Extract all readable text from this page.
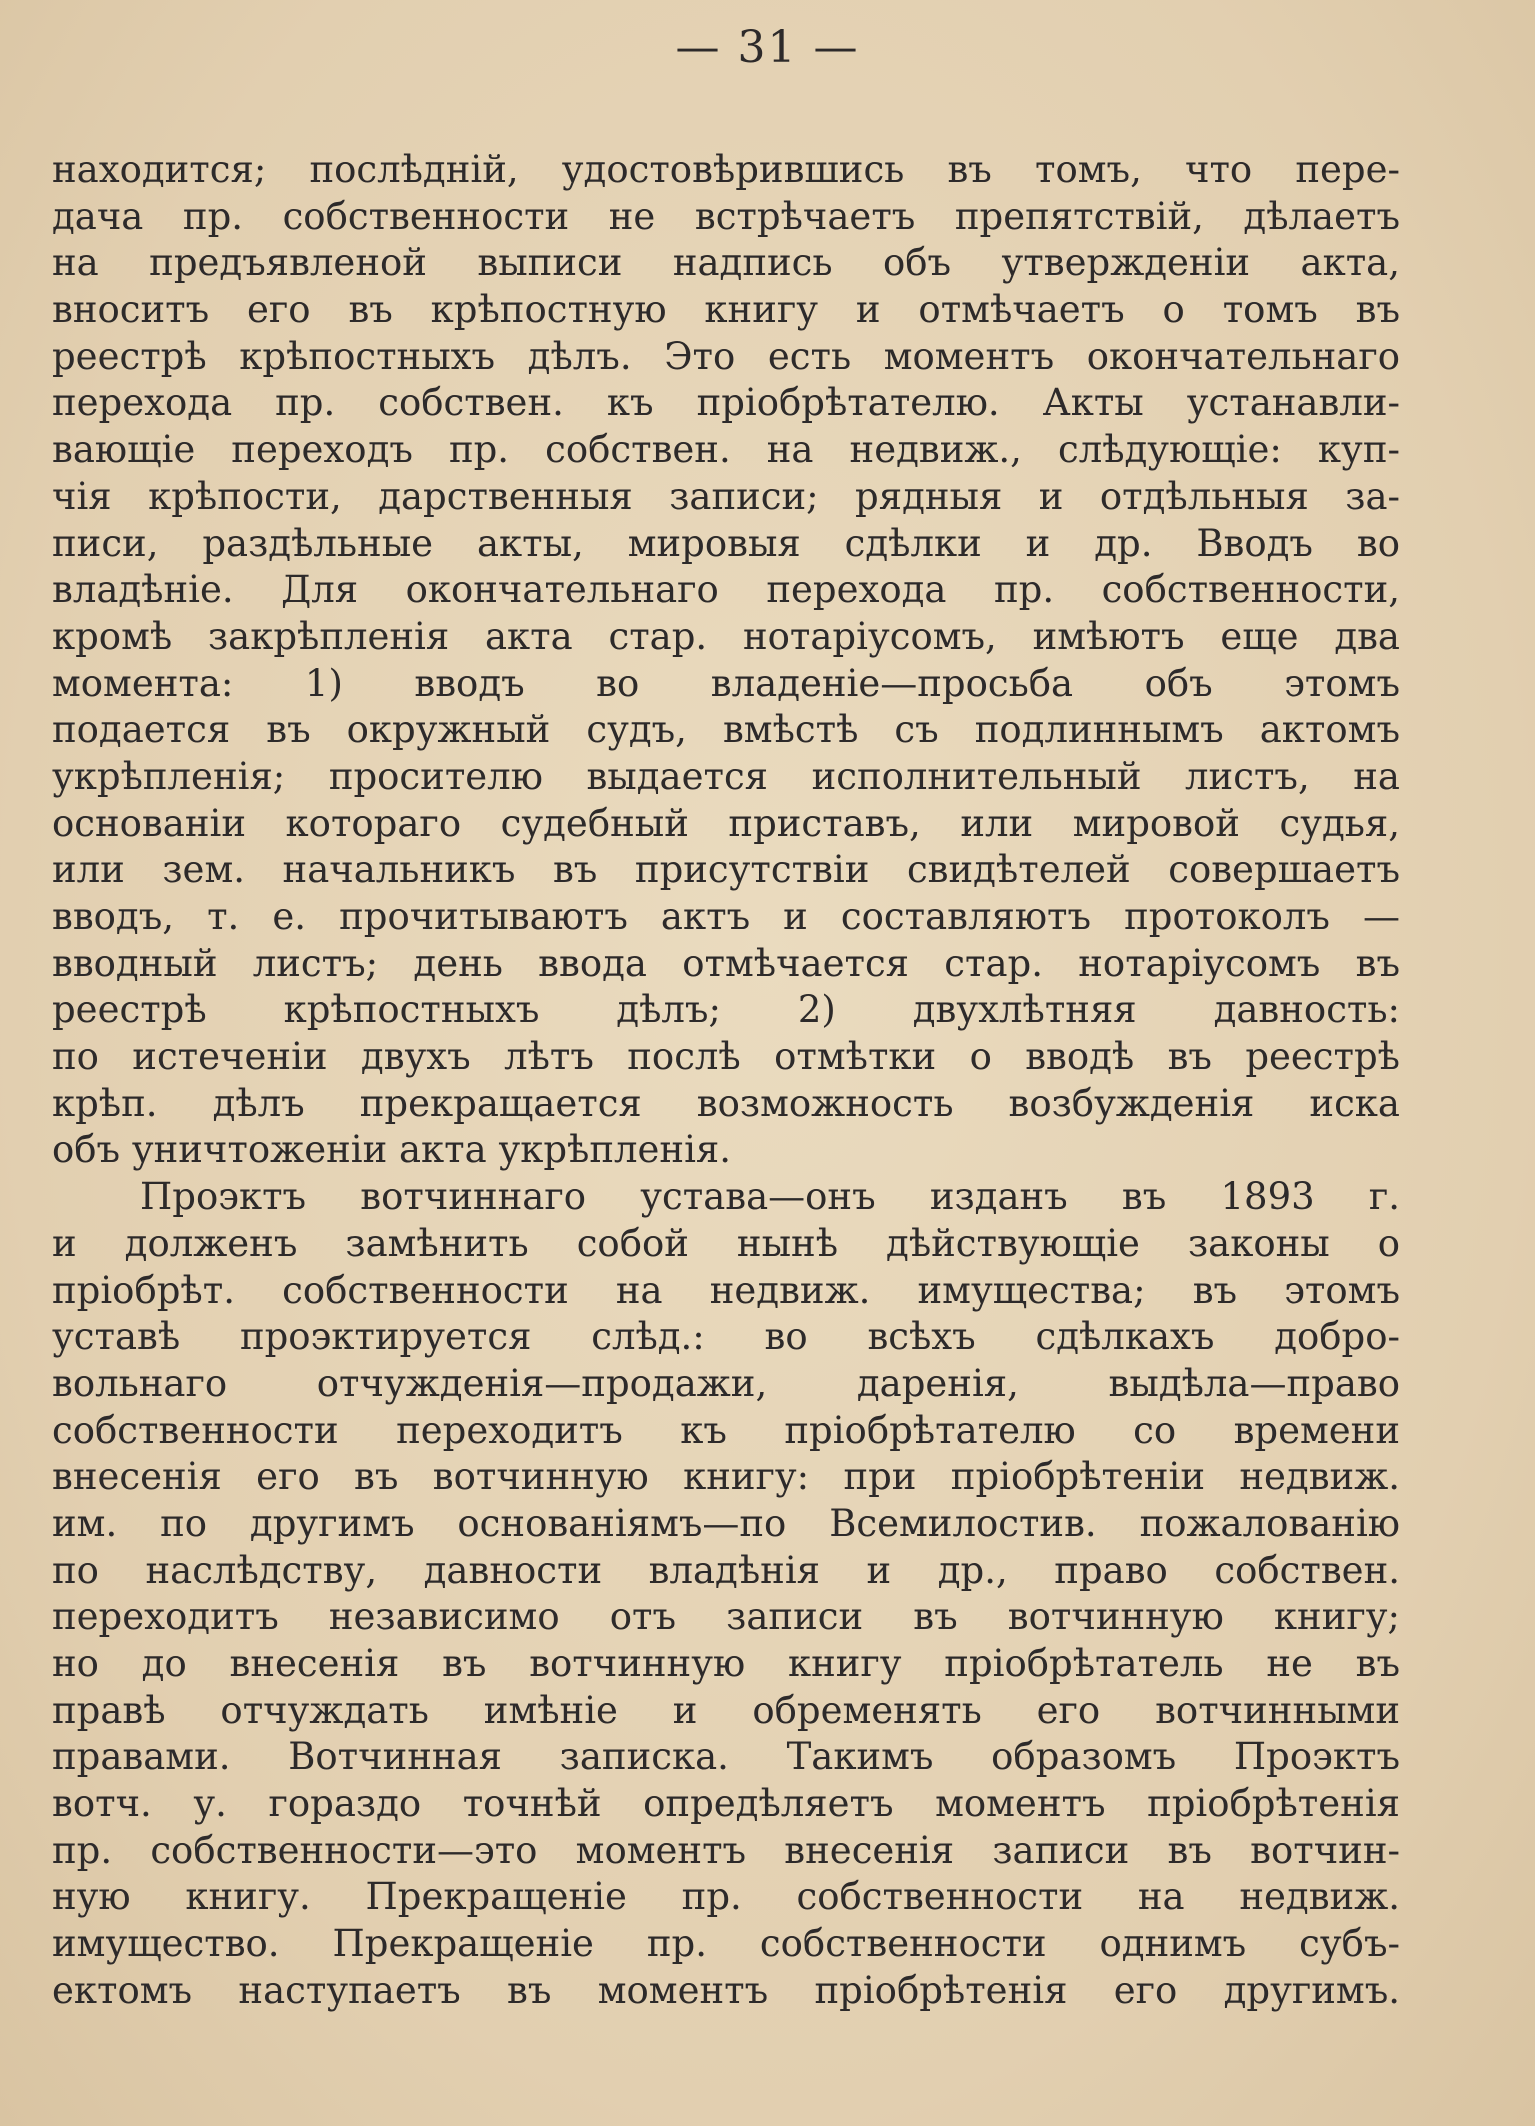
— 31 —
находится; послѣднiй, удостовѣрившись въ томъ, что пере-
дача пр. собственности не встрѣчаетъ препятствiй, дѣлаетъ
на предъявленой выписи надпись объ утвержденiи акта,
вноситъ его въ крѣпостную книгу и отмѣчаетъ о томъ въ
реестрѣ крѣпостныхъ дѣлъ. Это есть моментъ окончательнаго
перехода пр. собствен. къ прiобрѣтателю. Акты устанавли-
вающiе переходъ пр. собствен. на недвиж., слѣдующiе: куп-
чiя крѣпости, дарственныя записи; рядныя и отдѣльныя за-
писи, раздѣльные акты, мировыя сдѣлки и др. Вводъ во
владѣнiе. Для окончательнаго перехода пр. собственности,
кромѣ закрѣпленiя акта стар. нотарiусомъ, имѣютъ еще два
момента: 1) вводъ во владенiе—просьба объ этомъ
подается въ окружный судъ, вмѣстѣ съ подлиннымъ актомъ
укрѣпленiя; просителю выдается исполнительный листъ, на
основанiи котораго судебный приставъ, или мировой судья,
или зем. начальникъ въ присутствiи свидѣтелей совершаетъ
вводъ, т. е. прочитываютъ актъ и составляютъ протоколъ —
вводный листъ; день ввода отмѣчается стар. нотарiусомъ въ
реестрѣ крѣпостныхъ дѣлъ; 2) двухлѣтняя давность:
по истеченiи двухъ лѣтъ послѣ отмѣтки о вводѣ въ реестрѣ
крѣп. дѣлъ прекращается возможность возбужденiя иска
объ уничтоженiи акта укрѣпленiя.
Проэктъ вотчиннаго устава—онъ изданъ въ 1893 г.
и долженъ замѣнить собой нынѣ дѣйствующiе законы о
прiобрѣт. собственности на недвиж. имущества; въ этомъ
уставѣ проэктируется слѣд.: во всѣхъ сдѣлкахъ добро-
вольнаго отчужденiя—продажи, даренiя, выдѣла—право
собственности переходитъ къ прiобрѣтателю со времени
внесенiя его въ вотчинную книгу: при прiобрѣтенiи недвиж.
им. по другимъ основанiямъ—по Всемилостив. пожалованiю
по наслѣдству, давности владѣнiя и др., право собствен.
переходитъ независимо отъ записи въ вотчинную книгу;
но до внесенiя въ вотчинную книгу прiобрѣтатель не въ
правѣ отчуждать имѣнiе и обременять его вотчинными
правами. Вотчинная записка. Такимъ образомъ Проэктъ
вотч. у. гораздо точнѣй опредѣляетъ моментъ прiобрѣтенiя
пр. собственности—это моментъ внесенiя записи въ вотчин-
ную книгу. Прекращенiе пр. собственности на недвиж.
имущество. Прекращенiе пр. собственности однимъ субъ-
ектомъ наступаетъ въ моментъ прiобрѣтенiя его другимъ.
